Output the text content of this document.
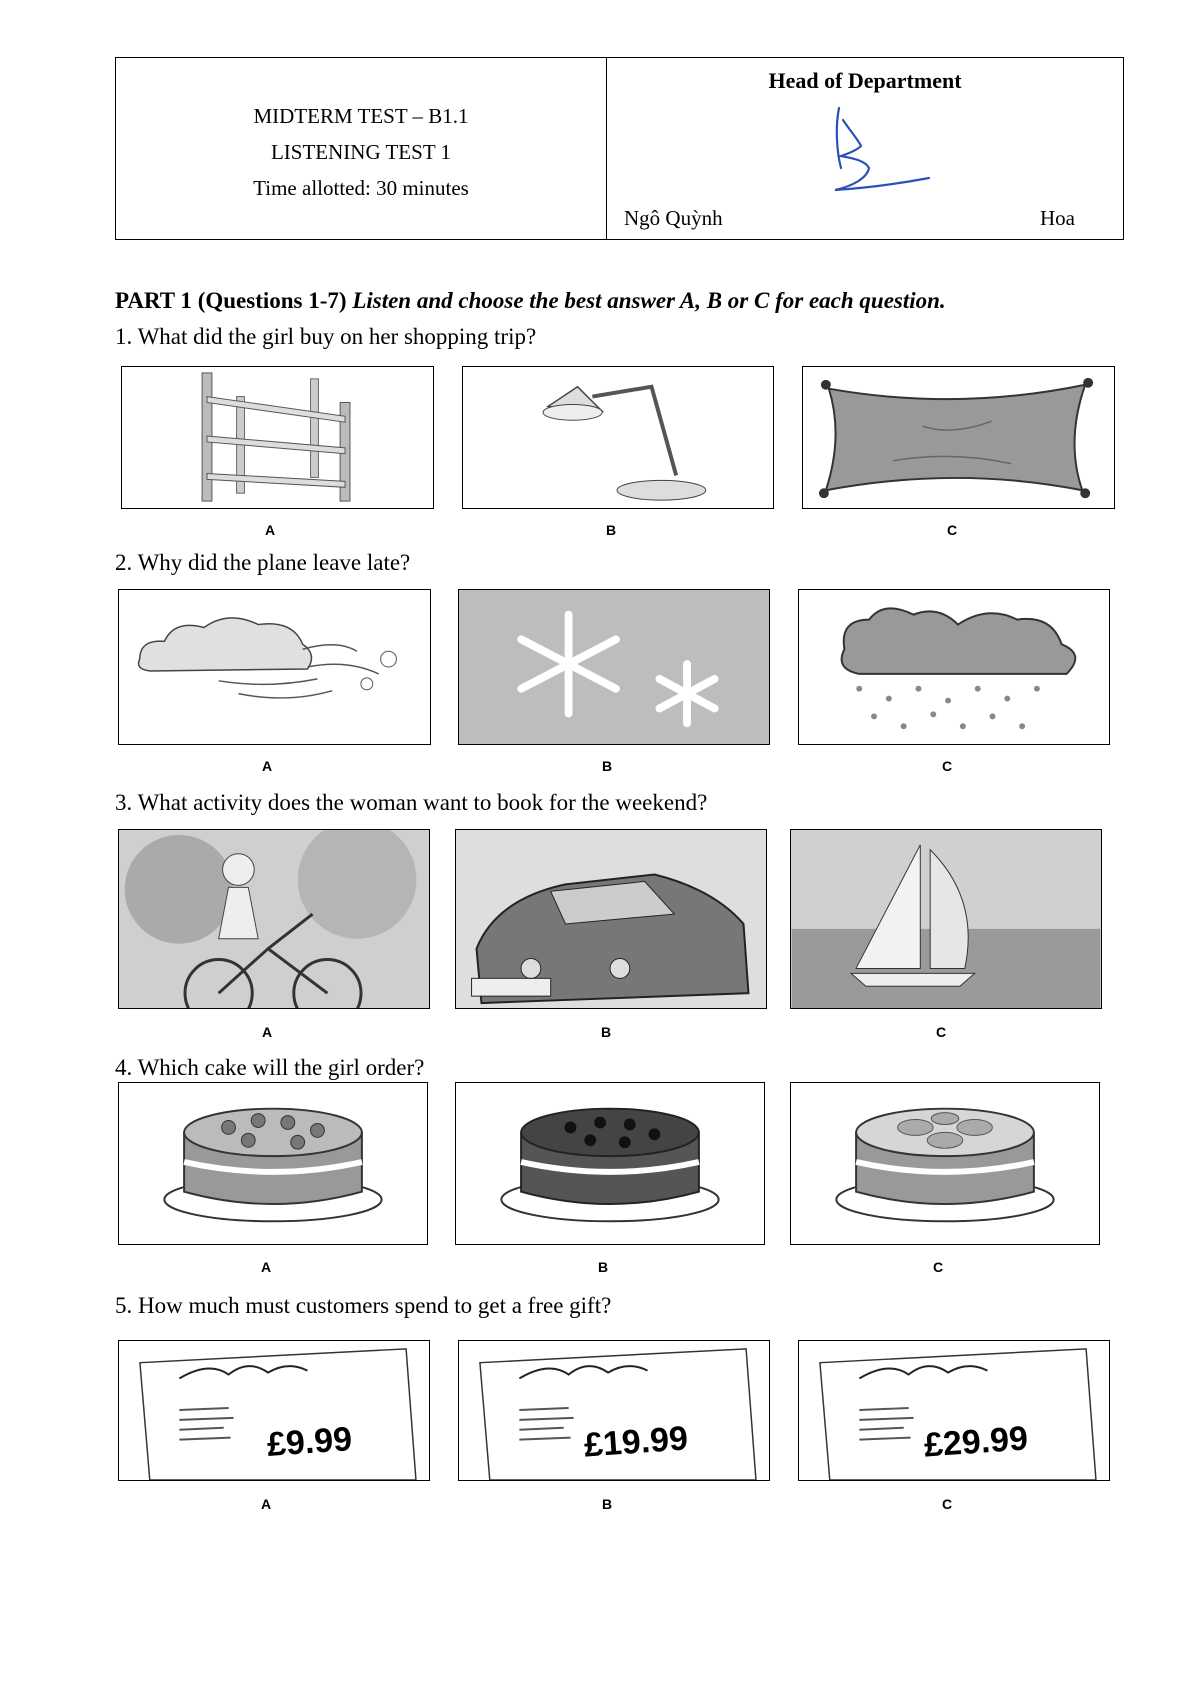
MIDTERM TEST – B1.1
LISTENING TEST 1
Time allotted: 30 minutes
Head of Department
Ngô Quỳnh	Hoa
PART 1 (Questions 1-7) Listen and choose the best answer A, B or C for each question.
1. What did the girl buy on her shopping trip?
A	B	C
2. Why did the plane leave late?
A	B	C
3. What activity does the woman want to book for the weekend?
A	B	C
4. Which cake will the girl order?
A	B	C
5. How much must customers spend to get a free gift?
£9.99
A
£19.99
B
£29.99
C
